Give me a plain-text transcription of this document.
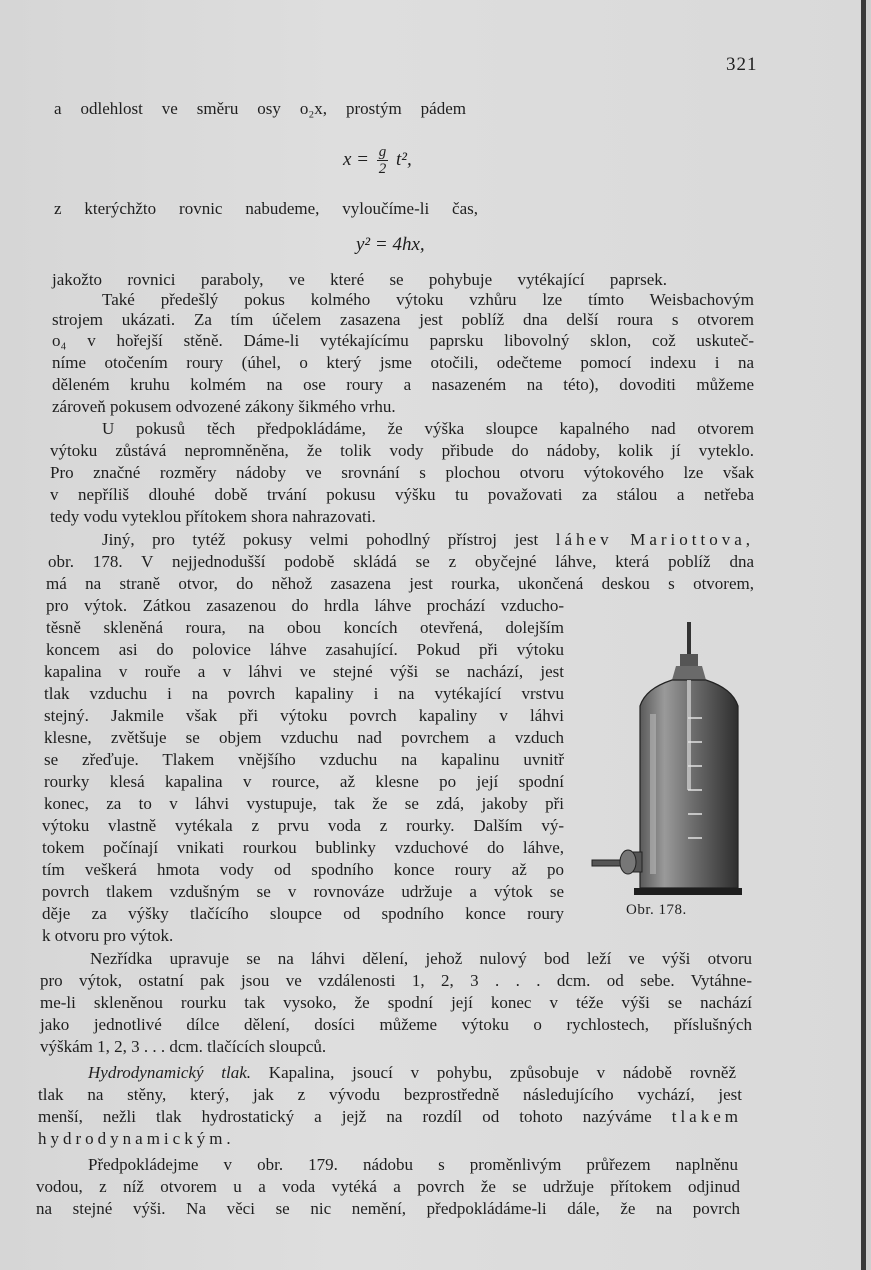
321
a odlehlost ve směru osy o₂x, prostým pádem
$x = \frac{g}{2} t^2$,
z kterýchžto rovnic nabudeme, vyloučíme-li čas,
y² = 4hx,
jakožto rovnici paraboly, ve které se pohybuje vytékající paprsek.
Také předešlý pokus kolmého výtoku vzhůru lze tímto Weisbachovým
strojem ukázati. Za tím účelem zasazena jest poblíž dna delší roura s otvorem
o₄ v hořejší stěně. Dáme-li vytékajícímu paprsku libovolný sklon, což uskuteč-
níme otočením roury (úhel, o který jsme otočili, odečteme pomocí indexu i na
děleném kruhu kolmém na ose roury a nasazeném na této), dovoditi můžeme
zároveň pokusem odvozené zákony šikmého vrhu.
U pokusů těch předpokládáme, že výška sloupce kapalného nad otvorem
výtoku zůstává nepromněněna, že tolik vody přibude do nádoby, kolik jí vyteklo.
Pro značné rozměry nádoby ve srovnání s plochou otvoru výtokového lze však
v nepříliš dlouhé době trvání pokusu výšku tu považovati za stálou a netřeba
tedy vodu vyteklou přítokem shora nahrazovati.
Jiný, pro tytéž pokusy velmi pohodlný přístroj jest láhev Mariottova,
obr. 178. V nejjednodušší podobě skládá se z obyčejné láhve, která poblíž dna
má na straně otvor, do něhož zasazena jest rourka, ukončená deskou s otvorem,
pro výtok. Zátkou zasazenou do hrdla láhve prochází vzducho-
těsně skleněná roura, na obou koncích otevřená, dolejším
koncem asi do polovice láhve zasahující. Pokud při výtoku
kapalina v rouře a v láhvi ve stejné výši se nachází, jest
tlak vzduchu i na povrch kapaliny i na vytékající vrstvu
stejný. Jakmile však při výtoku povrch kapaliny v láhvi
klesne, zvětšuje se objem vzduchu nad povrchem a vzduch
se zřeďuje. Tlakem vnějšího vzduchu na kapalinu uvnitř
rourky klesá kapalina v rource, až klesne po její spodní
konec, za to v láhvi vystupuje, tak že se zdá, jakoby při
výtoku vlastně vytékala z prvu voda z rourky. Dalším vý-
tokem počínají vnikati rourkou bublinky vzduchové do láhve,
tím veškerá hmota vody od spodního konce roury až po
povrch tlakem vzdušným se v rovnováze udržuje a výtok se
děje za výšky tlačícího sloupce od spodního konce roury
k otvoru pro výtok.
Nezřídka upravuje se na láhvi dělení, jehož nulový bod leží ve výši otvoru
pro výtok, ostatní pak jsou ve vzdálenosti 1, 2, 3 . . . dcm. od sebe. Vytáhne-
me-li skleněnou rourku tak vysoko, že spodní její konec v téže výši se nachází
jako jednotlivé dílce dělení, dosíci můžeme výtoku o rychlostech, příslušných
výškám 1, 2, 3 . . . dcm. tlačících sloupců.
Hydrodynamický tlak. Kapalina, jsoucí v pohybu, způsobuje v nádobě rovněž
tlak na stěny, který, jak z vývodu bezprostředně následujícího vychází, jest
menší, nežli tlak hydrostatický a jejž na rozdíl od tohoto nazýváme tlakem
hydrodynamickým.
Předpokládejme v obr. 179. nádobu s proměnlivým průřezem naplněnu
vodou, z níž otvorem u a voda vytéká a povrch že se udržuje přítokem odjinud
na stejné výši. Na věci se nic nemění, předpokládáme-li dále, že na povrch
Obr. 178.
